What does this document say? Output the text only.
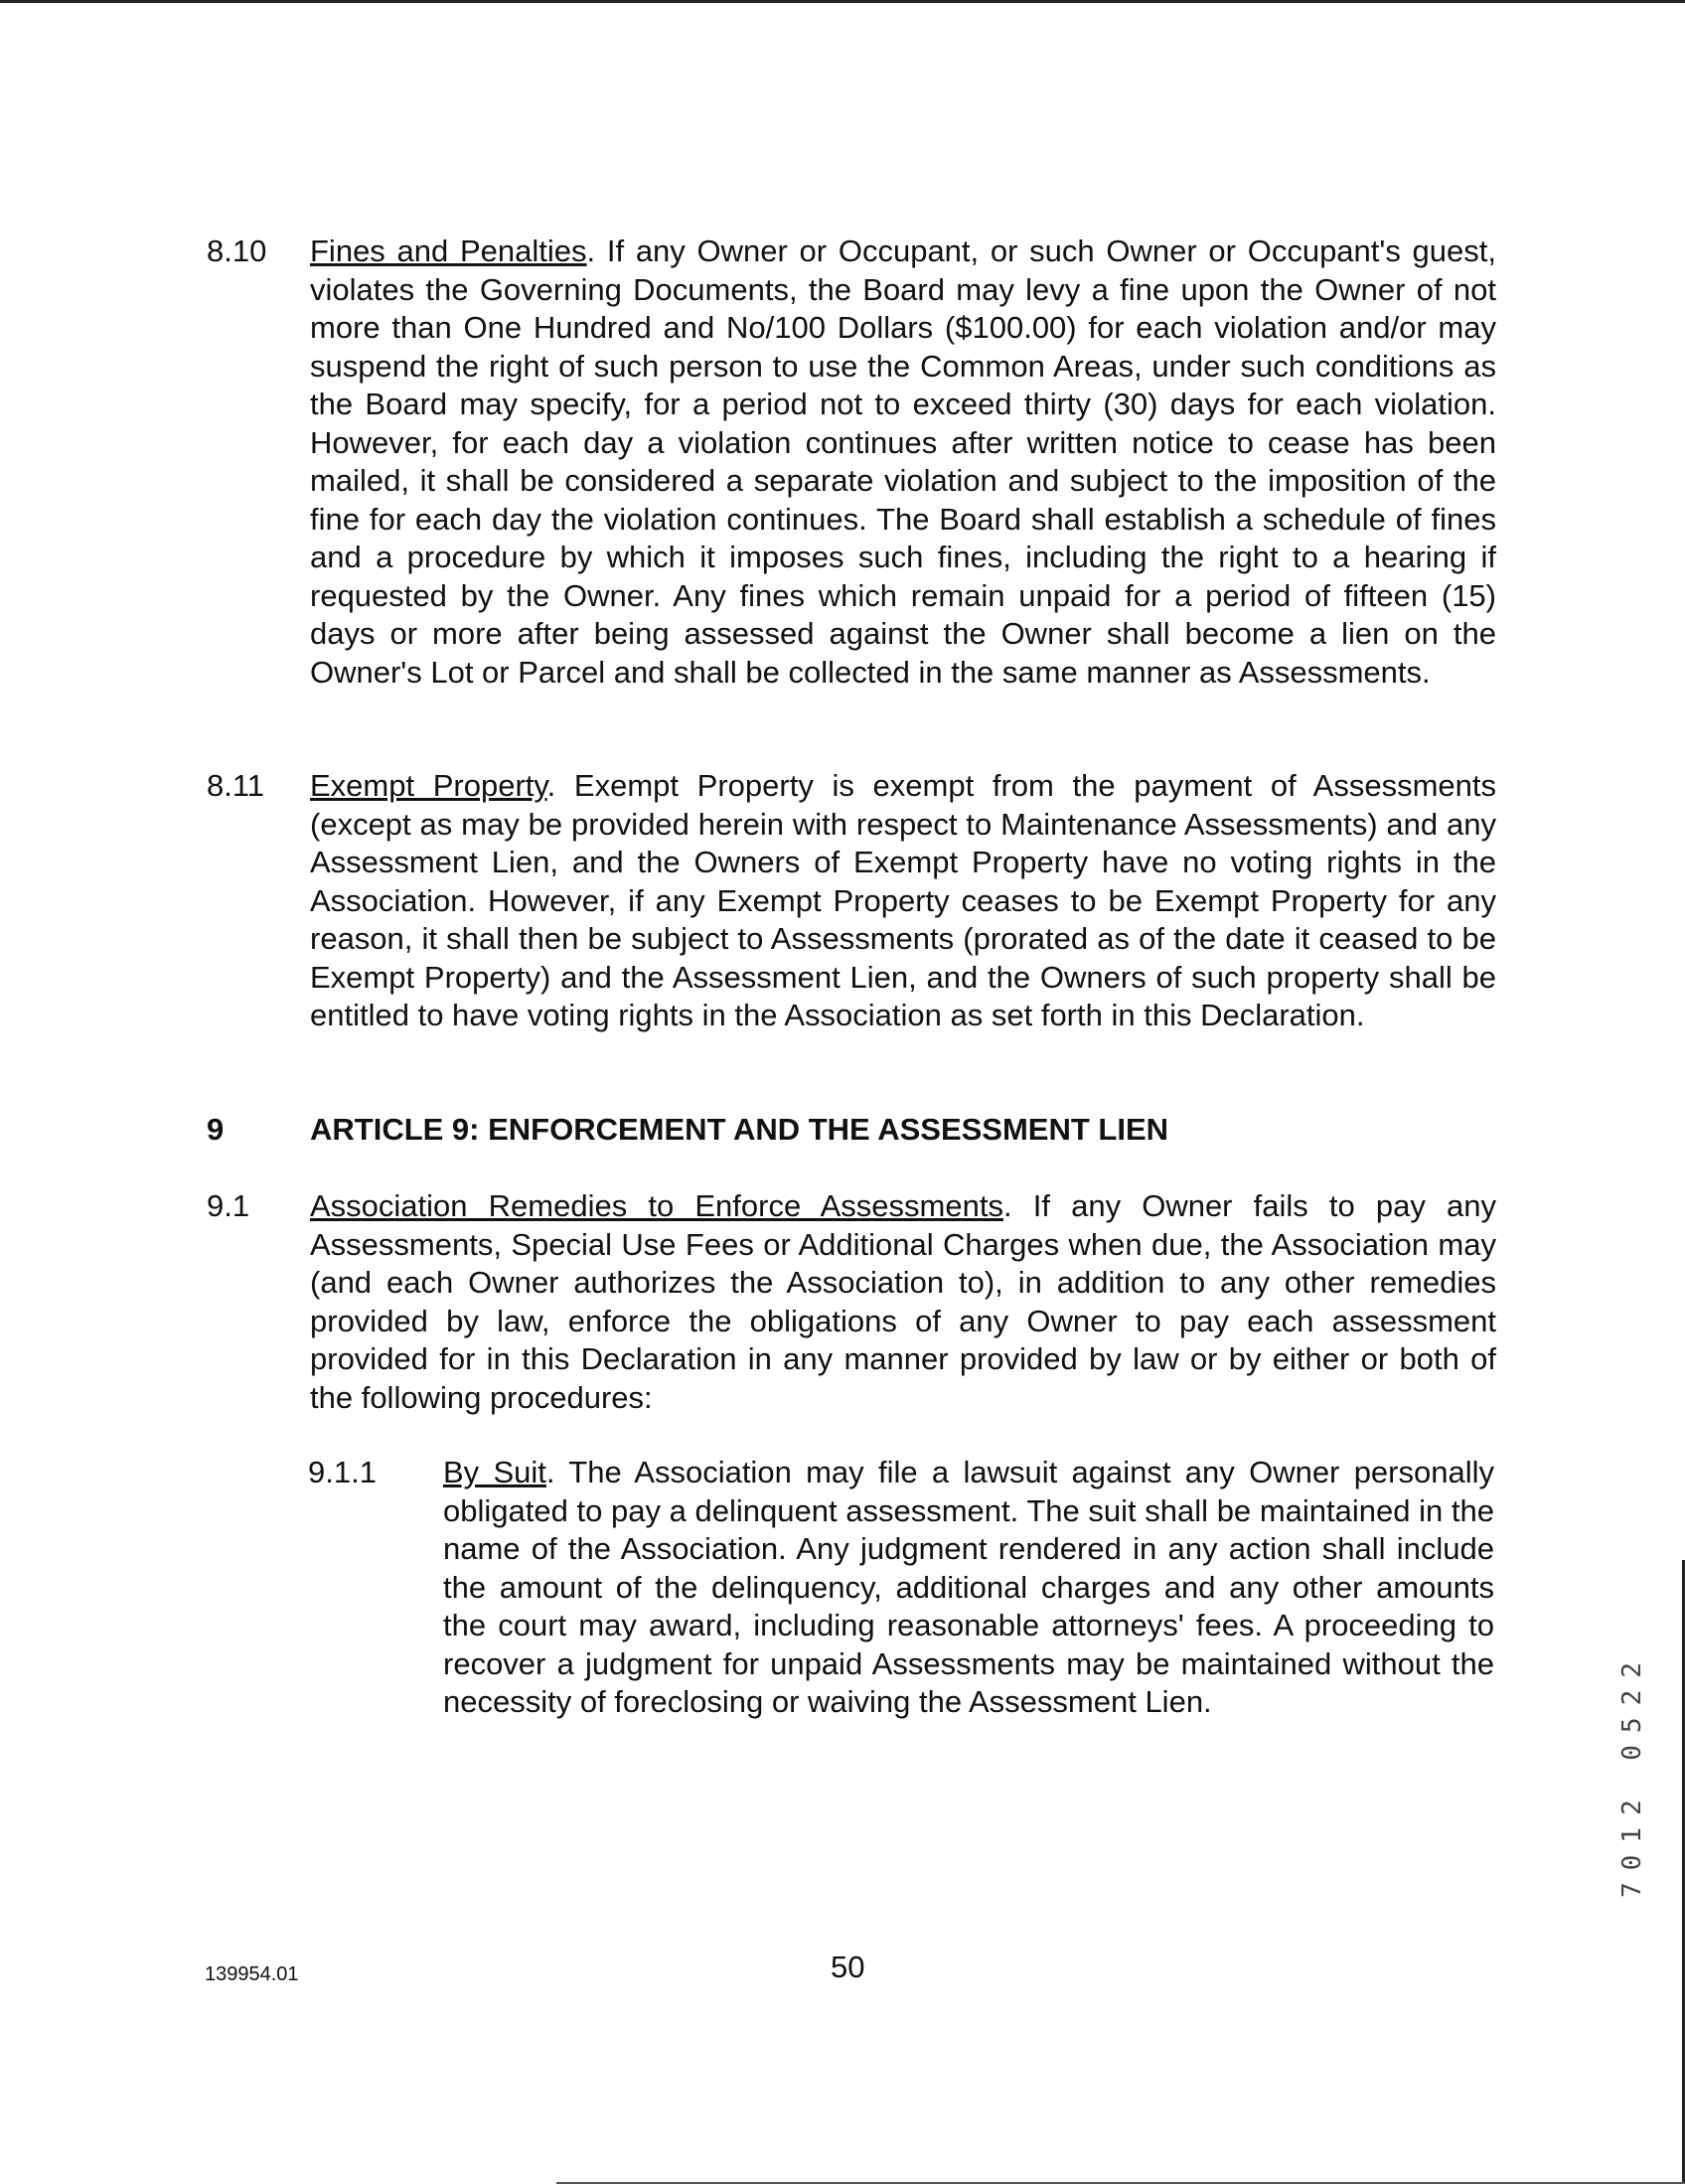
8.10 Fines and Penalties. If any Owner or Occupant, or such Owner or Occupant's guest, violates the Governing Documents, the Board may levy a fine upon the Owner of not more than One Hundred and No/100 Dollars ($100.00) for each violation and/or may suspend the right of such person to use the Common Areas, under such conditions as the Board may specify, for a period not to exceed thirty (30) days for each violation. However, for each day a violation continues after written notice to cease has been mailed, it shall be considered a separate violation and subject to the imposition of the fine for each day the violation continues. The Board shall establish a schedule of fines and a procedure by which it imposes such fines, including the right to a hearing if requested by the Owner. Any fines which remain unpaid for a period of fifteen (15) days or more after being assessed against the Owner shall become a lien on the Owner's Lot or Parcel and shall be collected in the same manner as Assessments.
8.11 Exempt Property. Exempt Property is exempt from the payment of Assessments (except as may be provided herein with respect to Maintenance Assessments) and any Assessment Lien, and the Owners of Exempt Property have no voting rights in the Association. However, if any Exempt Property ceases to be Exempt Property for any reason, it shall then be subject to Assessments (prorated as of the date it ceased to be Exempt Property) and the Assessment Lien, and the Owners of such property shall be entitled to have voting rights in the Association as set forth in this Declaration.
9	ARTICLE 9: ENFORCEMENT AND THE ASSESSMENT LIEN
9.1 Association Remedies to Enforce Assessments. If any Owner fails to pay any Assessments, Special Use Fees or Additional Charges when due, the Association may (and each Owner authorizes the Association to), in addition to any other remedies provided by law, enforce the obligations of any Owner to pay each assessment provided for in this Declaration in any manner provided by law or by either or both of the following procedures:
9.1.1 By Suit. The Association may file a lawsuit against any Owner personally obligated to pay a delinquent assessment. The suit shall be maintained in the name of the Association. Any judgment rendered in any action shall include the amount of the delinquency, additional charges and any other amounts the court may award, including reasonable attorneys' fees. A proceeding to recover a judgment for unpaid Assessments may be maintained without the necessity of foreclosing or waiving the Assessment Lien.
139954.01	50
7012 0522
